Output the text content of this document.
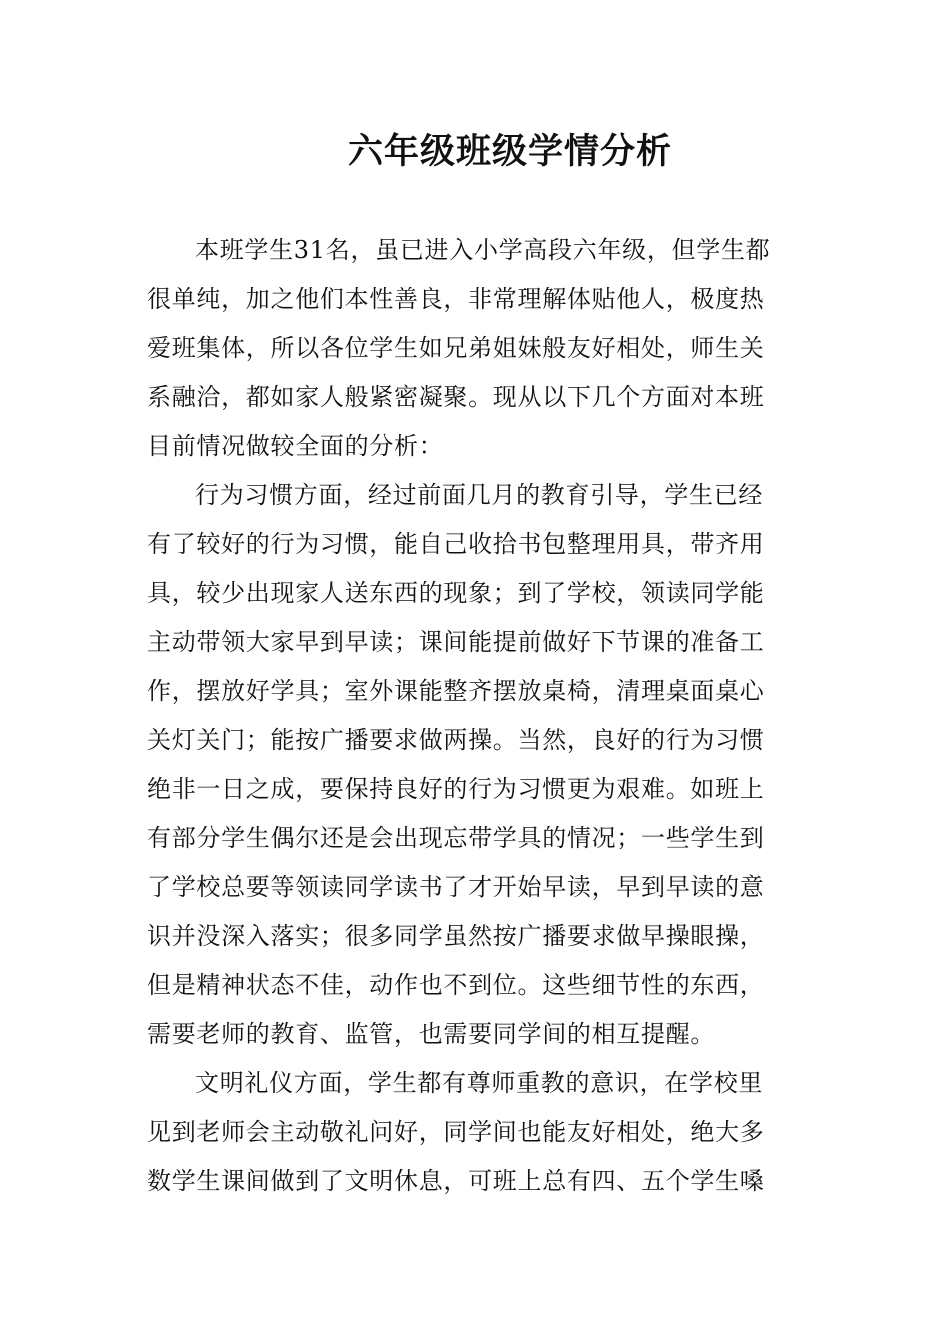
六年级班级学情分析
本班学生31名，虽已进入小学高段六年级，但学生都
很单纯，加之他们本性善良，非常理解体贴他人，极度热
爱班集体，所以各位学生如兄弟姐妹般友好相处，师生关
系融洽，都如家人般紧密凝聚。现从以下几个方面对本班
目前情况做较全面的分析：
行为习惯方面，经过前面几月的教育引导，学生已经
有了较好的行为习惯，能自己收拾书包整理用具，带齐用
具，较少出现家人送东西的现象；到了学校，领读同学能
主动带领大家早到早读；课间能提前做好下节课的准备工
作，摆放好学具；室外课能整齐摆放桌椅，清理桌面桌心
关灯关门；能按广播要求做两操。当然，良好的行为习惯
绝非一日之成，要保持良好的行为习惯更为艰难。如班上
有部分学生偶尔还是会出现忘带学具的情况；一些学生到
了学校总要等领读同学读书了才开始早读，早到早读的意
识并没深入落实；很多同学虽然按广播要求做早操眼操，
但是精神状态不佳，动作也不到位。这些细节性的东西，
需要老师的教育、监管，也需要同学间的相互提醒。
文明礼仪方面，学生都有尊师重教的意识，在学校里
见到老师会主动敬礼问好，同学间也能友好相处，绝大多
数学生课间做到了文明休息，可班上总有四、五个学生嗓
